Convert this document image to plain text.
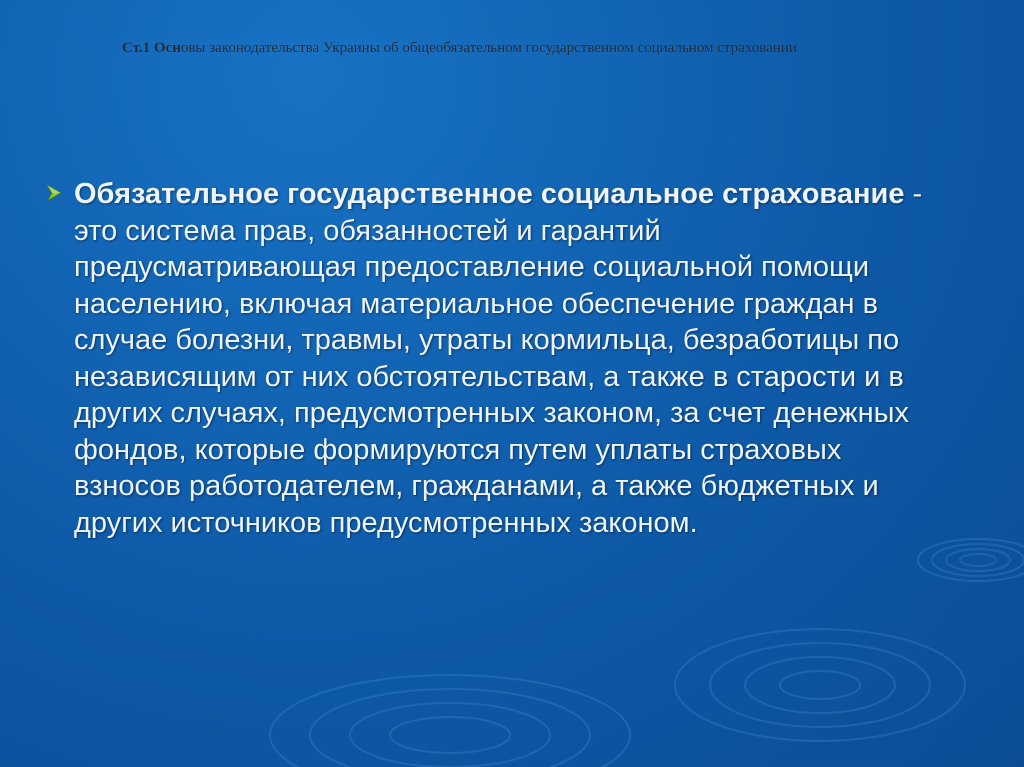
Ст.1 Основы законодательства Украины об общеобязательном государственном социальном страховании
Обязательное государственное социальное страхование - это система прав, обязанностей и гарантий предусматривающая предоставление социальной помощи населению, включая материальное обеспечение граждан в случае болезни, травмы, утраты кормильца, безработицы по независящим от них обстоятельствам, а также в старости и в других случаях, предусмотренных законом, за счет денежных фондов, которые формируются путем уплаты страховых взносов работодателем, гражданами, а также бюджетных и других источников предусмотренных законом.
